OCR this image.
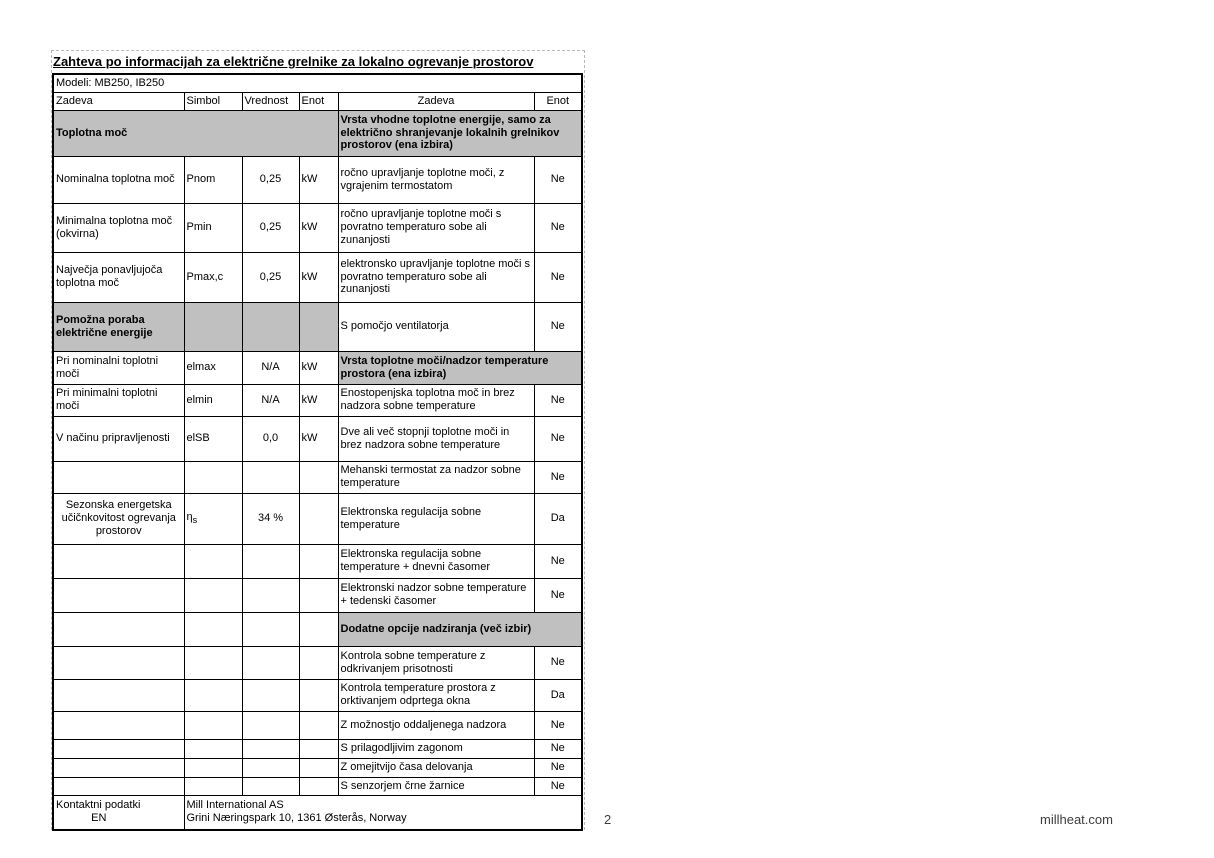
Zahteva po informacijah za električne grelnike za lokalno ogrevanje prostorov
Modeli: MB250, IB250					
Zadeva	Simbol	Vrednost	Enot	Zadeva	Enot
Toplotna moč				Vrsta vhodne toplotne energije, samo za električno shranjevanje lokalnih grelnikov prostorov (ena izbira)	
Nominalna toplotna moč	Pnom	0,25	kW	ročno upravljanje toplotne moči, z vgrajenim termostatom	Ne
Minimalna toplotna moč (okvirna)	Pmin	0,25	kW	ročno upravljanje toplotne moči s povratno temperaturo sobe ali zunanjosti	Ne
Največja ponavljujoča toplotna moč	Pmax,c	0,25	kW	elektronsko upravljanje toplotne moči s povratno temperaturo sobe ali zunanjosti	Ne
Pomožna poraba električne energije				S pomočjo ventilatorja	Ne
Pri nominalni toplotni moči	elmax	N/A	kW	Vrsta toplotne moči/nadzor temperature prostora (ena izbira)	
Pri minimalni toplotni moči	elmin	N/A	kW	Enostopenjska toplotna moč in brez nadzora sobne temperature	Ne
V načinu pripravljenosti	elSB	0,0	kW	Dve ali več stopnji toplotne moči in brez nadzora sobne temperature	Ne
				Mehanski termostat za nadzor sobne temperature	Ne
Sezonska energetska učičnkovitost ogrevanja prostorov	$\eta_s$	34 %		Elektronska regulacija sobne temperature	Da
				Elektronska regulacija sobne temperature + dnevni časomer	Ne
				Elektronski nadzor sobne temperature + tedenski časomer	Ne
				Dodatne opcije nadziranja (več izbir)	
				Kontrola sobne temperature z odkrivanjem prisotnosti	Ne
				Kontrola temperature prostora z orktivanjem odprtega okna	Da
				Z možnostjo oddaljenega nadzora	Ne
				S prilagodljivim zagonom	Ne
				Z omejitvijo časa delovanja	Ne
				S senzorjem črne žarnice	Ne

Kontaktni podatki
EN

Mill International AS
Grini Næringspark 10, 1361 Østerås, Norway	2	millheat.com
